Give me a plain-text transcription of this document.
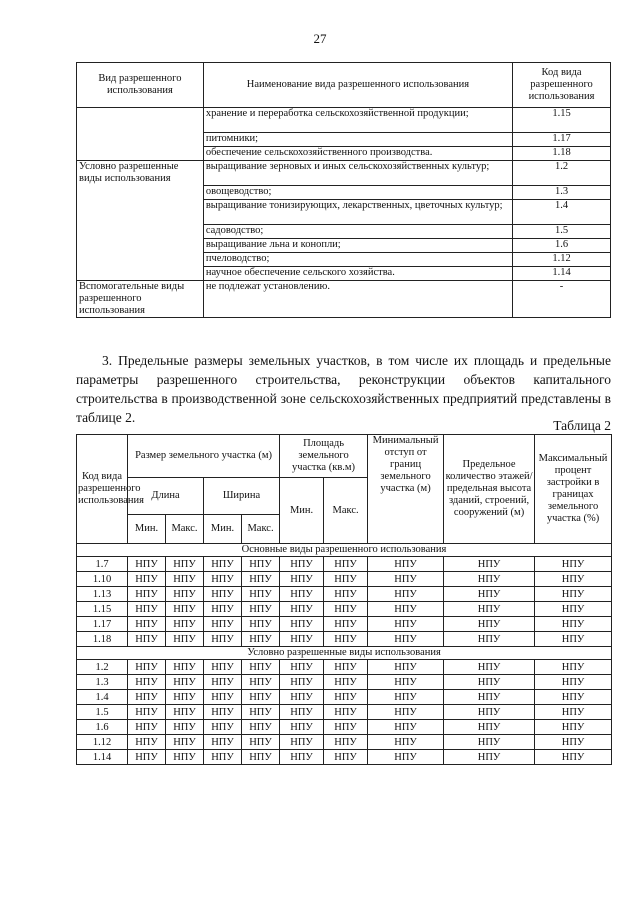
27
Вид разрешенного использования	Наименование вида разрешенного использования	Код вида разрешенного использования
	хранение и переработка сельскохозяйственной продукции;	1.15
	питомники;	1.17
	обеспечение сельскохозяйственного производства.	1.18
Условно разрешенные виды использования	выращивание зерновых и иных сельскохозяйственных культур;	1.2
	овощеводство;	1.3
	выращивание тонизирующих, лекарственных, цветочных культур;	1.4
	садоводство;	1.5
	выращивание льна и конопли;	1.6
	пчеловодство;	1.12
	научное обеспечение сельского хозяйства.	1.14
Вспомогательные виды разрешенного использования	не подлежат установлению.	-
3. Предельные размеры земельных участков, в том числе их площадь и предельные параметры разрешенного строительства, реконструкции объектов капитального строительства в производственной зоне сельскохозяйственных предприятий представлены в таблице 2.
Таблица 2
Код вида разрешенного использования	Размер земельного участка (м)				Площадь земельного участка (кв.м)		Минимальный отступ от границ земельного участка (м)	Предельное количество этажей/ предельная высота зданий, строений, сооружений (м)	Максимальный процент застройки в границах земельного участка (%)
	Длина		Ширина		Мин.	Макс.			
	Мин.	Макс.	Мин.	Макс.					
Основные виды разрешенного использования									
1.7	НПУ	НПУ	НПУ	НПУ	НПУ	НПУ	НПУ	НПУ	НПУ
1.10	НПУ	НПУ	НПУ	НПУ	НПУ	НПУ	НПУ	НПУ	НПУ
1.13	НПУ	НПУ	НПУ	НПУ	НПУ	НПУ	НПУ	НПУ	НПУ
1.15	НПУ	НПУ	НПУ	НПУ	НПУ	НПУ	НПУ	НПУ	НПУ
1.17	НПУ	НПУ	НПУ	НПУ	НПУ	НПУ	НПУ	НПУ	НПУ
1.18	НПУ	НПУ	НПУ	НПУ	НПУ	НПУ	НПУ	НПУ	НПУ
Условно разрешенные виды использования									
1.2	НПУ	НПУ	НПУ	НПУ	НПУ	НПУ	НПУ	НПУ	НПУ
1.3	НПУ	НПУ	НПУ	НПУ	НПУ	НПУ	НПУ	НПУ	НПУ
1.4	НПУ	НПУ	НПУ	НПУ	НПУ	НПУ	НПУ	НПУ	НПУ
1.5	НПУ	НПУ	НПУ	НПУ	НПУ	НПУ	НПУ	НПУ	НПУ
1.6	НПУ	НПУ	НПУ	НПУ	НПУ	НПУ	НПУ	НПУ	НПУ
1.12	НПУ	НПУ	НПУ	НПУ	НПУ	НПУ	НПУ	НПУ	НПУ
1.14	НПУ	НПУ	НПУ	НПУ	НПУ	НПУ	НПУ	НПУ	НПУ
